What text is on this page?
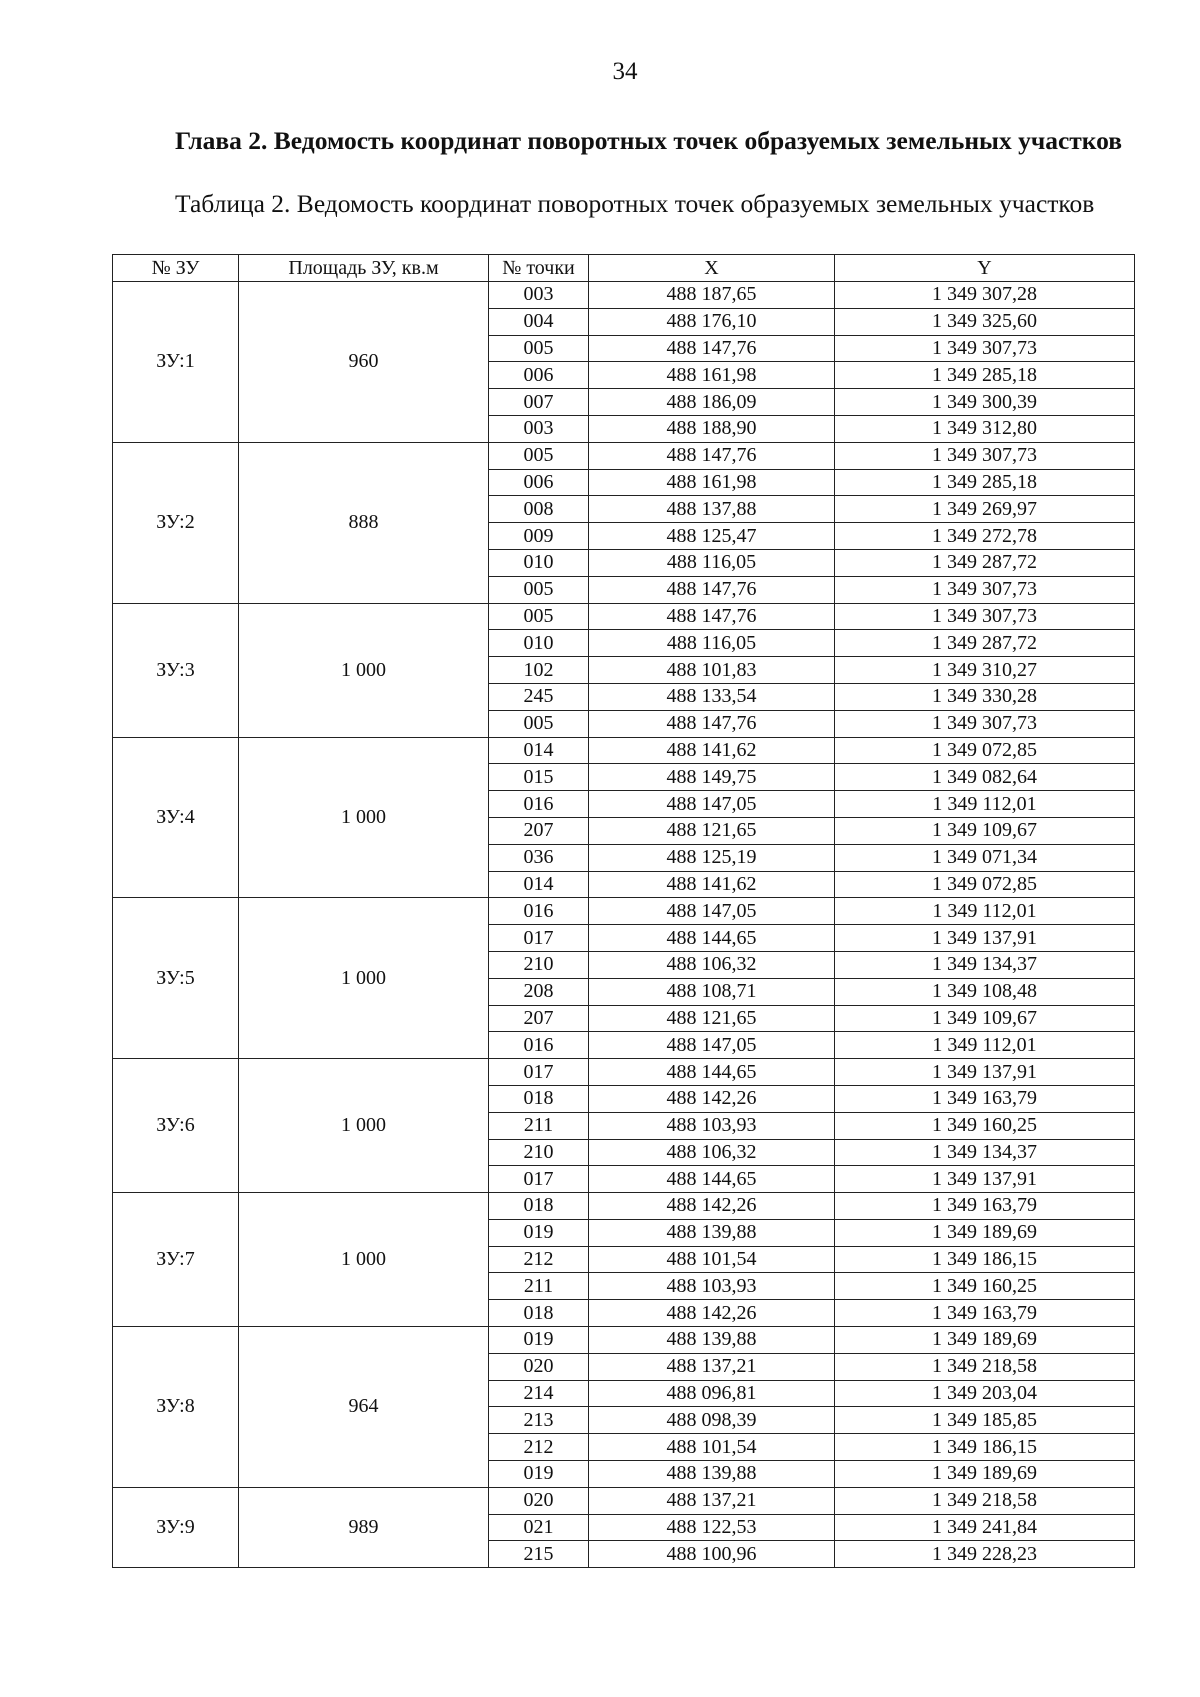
34

Глава 2. Ведомость координат поворотных точек образуемых земельных участков

Таблица 2. Ведомость координат поворотных точек образуемых земельных участков

№ ЗУ	Площадь ЗУ, кв.м	№ точки	X	Y
ЗУ:1	960	003	488 187,65	1 349 307,28
		004	488 176,10	1 349 325,60
		005	488 147,76	1 349 307,73
		006	488 161,98	1 349 285,18
		007	488 186,09	1 349 300,39
		003	488 188,90	1 349 312,80
ЗУ:2	888	005	488 147,76	1 349 307,73
		006	488 161,98	1 349 285,18
		008	488 137,88	1 349 269,97
		009	488 125,47	1 349 272,78
		010	488 116,05	1 349 287,72
		005	488 147,76	1 349 307,73
ЗУ:3	1 000	005	488 147,76	1 349 307,73
		010	488 116,05	1 349 287,72
		102	488 101,83	1 349 310,27
		245	488 133,54	1 349 330,28
		005	488 147,76	1 349 307,73
ЗУ:4	1 000	014	488 141,62	1 349 072,85
		015	488 149,75	1 349 082,64
		016	488 147,05	1 349 112,01
		207	488 121,65	1 349 109,67
		036	488 125,19	1 349 071,34
		014	488 141,62	1 349 072,85
ЗУ:5	1 000	016	488 147,05	1 349 112,01
		017	488 144,65	1 349 137,91
		210	488 106,32	1 349 134,37
		208	488 108,71	1 349 108,48
		207	488 121,65	1 349 109,67
		016	488 147,05	1 349 112,01
ЗУ:6	1 000	017	488 144,65	1 349 137,91
		018	488 142,26	1 349 163,79
		211	488 103,93	1 349 160,25
		210	488 106,32	1 349 134,37
		017	488 144,65	1 349 137,91
ЗУ:7	1 000	018	488 142,26	1 349 163,79
		019	488 139,88	1 349 189,69
		212	488 101,54	1 349 186,15
		211	488 103,93	1 349 160,25
		018	488 142,26	1 349 163,79
ЗУ:8	964	019	488 139,88	1 349 189,69
		020	488 137,21	1 349 218,58
		214	488 096,81	1 349 203,04
		213	488 098,39	1 349 185,85
		212	488 101,54	1 349 186,15
		019	488 139,88	1 349 189,69
ЗУ:9	989	020	488 137,21	1 349 218,58
		021	488 122,53	1 349 241,84
		215	488 100,96	1 349 228,23
